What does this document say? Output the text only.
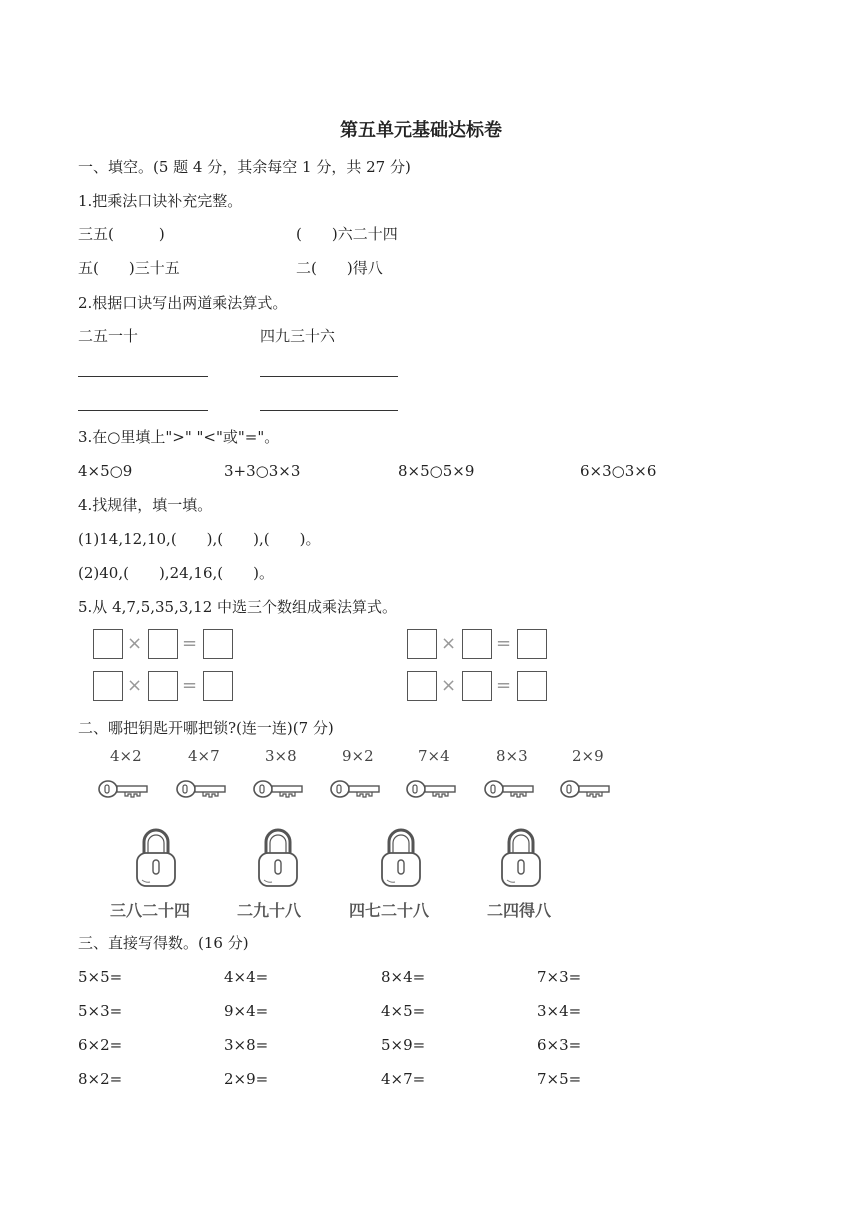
第五单元基础达标卷
一、填空。(5 题 4 分，其余每空 1 分，共 27 分)
1.把乘法口诀补充完整。
三五(　　　)	(　　)六二十四
五(　　)三十五	二(　　)得八
2.根据口诀写出两道乘法算式。
二五一十	四九三十六
3.在○里填上">" "<"或"="。
4×5○9	3+3○3×3	8×5○5×9	6×3○3×6
4.找规律，填一填。
(1)14,12,10,(　　),(　　),(　　)。
(2)40,(　　),24,16,(　　)。
5.从 4,7,5,35,3,12 中选三个数组成乘法算式。
× =
× =
× =
× =
二、哪把钥匙开哪把锁?(连一连)(7 分)
4×2	4×7	3×8	9×2	7×4	8×3	2×9
三八二十四	二九十八	四七二十八	二四得八
三、直接写得数。(16 分)
5×5=	4×4=	8×4=	7×3=
5×3=	9×4=	4×5=	3×4=
6×2=	3×8=	5×9=	6×3=
8×2=	2×9=	4×7=	7×5=
